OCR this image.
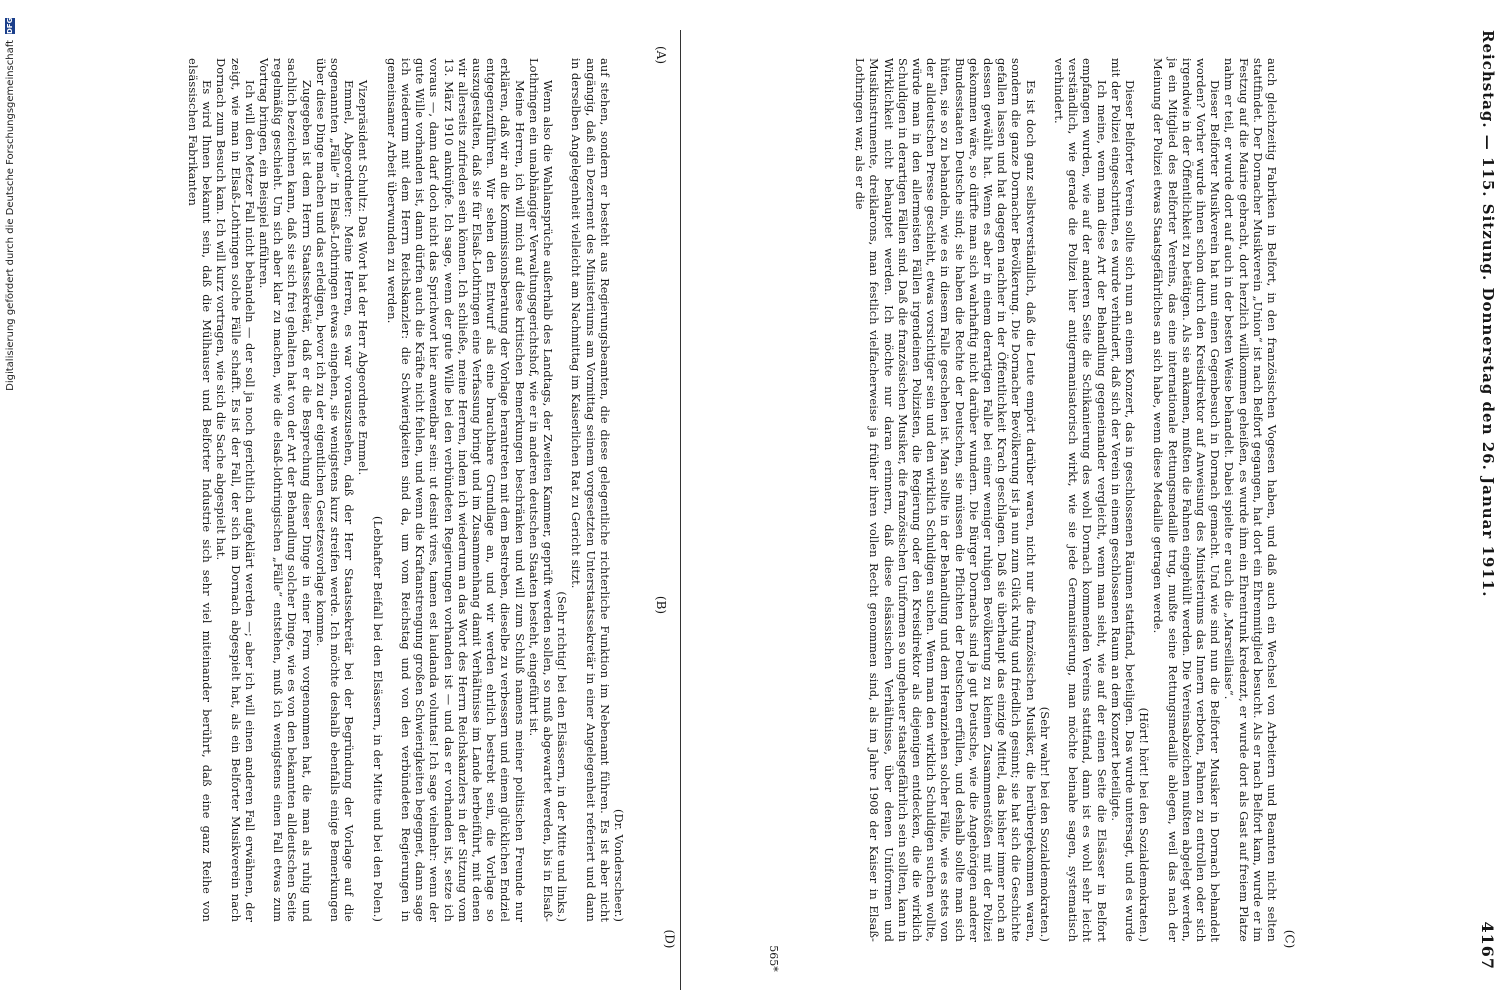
Digitalisierung gefördert durch die Deutsche Forschungsgemeinschaft
DFG
Reichstag. — 115. Sitzung. Donnerstag den 26. Januar 1911.
4167
(A)
(B)
(C)
(D)

(Dr. Vonderscheer.)

auf stehen, sondern er besteht aus Regierungsbeamten, die diese gelegentliche richterliche Funktion im Nebenamt führen. Es ist aber nicht angängig, daß ein Dezernent des Ministeriums am Vormittag seinem vorgesetzten Unterstaatssekretär in einer Angelegenheit referiert und dann in derselben Angelegenheit vielleicht am Nachmittag im Kaiserlichen Rat zu Gericht sitzt.

(Sehr richtig! bei den Elsässern, in der Mitte und links.)

Wenn also die Wahlansprüche außerhalb des Landtags, der Zweiten Kammer, geprüft werden sollen, so muß abgewartet werden, bis in Elsaß-Lothringen ein unabhängiger Verwaltungsgerichtshof, wie er in anderen deutschen Staaten besteht, eingeführt ist.

Meine Herren, ich will mich auf diese kritischen Bemerkungen beschränken und will zum Schluß namens meiner politischen Freunde nur erklären, daß wir an die Kommissionsberatung der Vorlage herantreten mit dem Bestreben, dieselbe zu verbessern und einem glücklichen Endziel entgegenzuführen. Wir sehen den Entwurf als eine brauchbare Grundlage an, und wir werden ehrlich bestrebt sein, die Vorlage so auszugestalten, daß sie für Elsaß-Lothringen eine Verfassung bringt und im Zusammenhang damit Verhältnisse im Lande herbeiführt, mit denen wir allerseits zufrieden sein können. Ich schließe, meine Herren, indem ich wiederum an das Wort des Herrn Reichskanzlers in der Sitzung vom 13. März 1910 anknüpfe. Ich sage, wenn der gute Wille bei den verbündeten Regierungen vorhanden ist — und das er vorhanden ist, setze ich voraus —, dann darf doch nicht das Sprichwort hier anwendbar sein: ut desint vires, tamen est laudanda voluntas! Ich sage vielmehr: wenn der gute Wille vorhanden ist, dann dürfen auch die Kräfte nicht fehlen, und wenn die Kraftanstrengung großen Schwierigkeiten begegnet, dann sage ich wiederum mit dem Herrn Reichskanzler: die Schwierigkeiten sind da, um vom Reichstag und von den verbündeten Regierungen in gemeinsamer Arbeit überwunden zu werden.

(Lebhafter Beifall bei den Elsässern, in der Mitte und bei den Polen.)

Vizepräsident Schultz: Das Wort hat der Herr Abgeordnete Emmel.

Emmel, Abgeordneter: Meine Herren, es war vorauszusehen, daß der Herr Staatssekretär bei der Begründung der Vorlage auf die sogenannten „Fälle“ in Elsaß-Lothringen etwas eingehen, sie wenigstens kurz streifen werde. Ich möchte deshalb ebenfalls einige Bemerkungen über diese Dinge machen und das erledigen, bevor ich zu der eigentlichen Gesetzesvorlage komme.

Zugegeben ist dem Herrn Staatssekretär, daß er die Besprechung dieser Dinge in einer Form vorgenommen hat, die man als ruhig und sachlich bezeichnen kann, daß sie sich frei gehalten hat von der Art der Behandlung solcher Dinge, wie es von den bekannten alldeutschen Seite regelmäßig geschieht. Um sich aber klar zu machen, wie die elsaß-lothringischen „Fälle“ entstehen, muß ich wenigstens einen Fall etwas zum Vortrag bringen, ein Beispiel anführen.

Ich will den Metzer Fall nicht behandeln — der soll ja noch gerichtlich aufgeklärt werden —; aber ich will einen anderen Fall erwähnen, der zeigt, wie man in Elsaß-Lothringen solche Fälle schafft. Es ist der Fall, der sich im Dornach abgespielt hat, als ein Belforter Musikverein nach Dornach zum Besuch kam. Ich will kurz vortragen, wie sich die Sache abgespielt hat.

Es wird Ihnen bekannt sein, daß die Mülhauser und Belforter Industrie sich sehr viel miteinander berührt, daß eine ganz Reihe von elsässischen Fabrikanten	auch gleichzeitig Fabriken in Belfort, in den französischen Vogesen haben, und daß auch ein Wechsel von Arbeitern und Beamten nicht selten stattfindet. Der Dornacher Musikverein „Union“ ist nach Belfort gegangen, hat dort ein Ehrenmitglied besucht. Als er nach Belfort kam, wurde er im Festzug auf die Mairie gebracht, dort herzlich willkommen geheißen, es wurde ihm ein Ehrentrunk kredenzt, er wurde dort als Gast auf freiem Platze nahm er teil, er wurde dort auf auch in der besten Weise behandelt. Dabei spielte er auch die „Marseillaise“.

Dieser Belforter Musikverein hat nun einen Gegenbesuch in Dornach gemacht. Und wie sind nun die Belforter Musiker in Dornach behandelt worden? Vorher wurde ihnen schon durch den Kreisdirektor auf Anweisung des Ministeriums das Innern verboten, Fahnen zu entrollen oder sich irgendwie in der Öffentlichkeit zu betätigen. Als sie ankamen, mußten die Fahnen eingehüllt werden. Die Vereinsabzeichen mußten abgelegt werden, ja ein Mitglied des Belforter Vereins, das eine internationale Rettungsmedaille trug, mußte seine Rettungsmedaille ablegen, weil das nach der Meinung der Polizei etwas Staatsgefährliches an sich habe, wenn diese Medaille getragen werde.

(Hört! hört! bei den Sozialdemokraten.)

Dieser Belforter Verein sollte sich nun an einem Konzert, das in geschlossenen Räumen stattfand, beteiligen. Das wurde untersagt, und es wurde mit der Polizei eingeschritten, es wurde verhindert, daß sich der Verein in einem geschlossenen Raum an dem Konzert beteiligte.

Ich meine, wenn man diese Art der Behandlung gegeneinander vergleicht, wenn man sieht, wie auf der einen Seite die Elsässer in Belfort empfangen wurden, wie auf der anderen Seite die Schikanierung des wohl Dornach kommenden Vereins stattfand, dann ist es wohl sehr leicht verständlich, wie gerade die Polizei hier antigermanisatorisch wirkt, wie sie jede Germanisierung, man möchte beinahe sagen, systematisch verhindert.

(Sehr wahr! bei den Sozialdemokraten.)

Es ist doch ganz selbstverständlich, daß die Leute empört darüber waren, nicht nur die französischen Musiker, die herübergekommen waren, sondern die ganze Dornacher Bevölkerung. Die Dornacher Bevölkerung ist ja nun zum Glück ruhig und friedlich gesinnt; sie hat sich die Geschichte gefallen lassen und hat dagegen nachher in der Öffentlichkeit Krach geschlagen. Daß sie überhaupt das einzige Mittel, das bisher immer noch an dessen gewählt hat. Wenn es aber in einem derartigen Falle bei einer weniger ruhigen Bevölkerung zu kleinen Zusammenstößen mit der Polizei gekommen wäre, so dürfte man sich wahrhaftig nicht darüber wundern. Die Bürger Dornachs sind ja gut Deutsche, wie die Angehörigen anderer Bundesstaaten Deutsche sind; sie haben die Rechte der Deutschen, sie müssen die Pflichten der Deutschen erfüllen, und deshalb sollte man sich hüten, sie so zu behandeln, wie es in diesem Falle geschehen ist. Man sollte in der Behandlung und dem Heranziehen solcher Fälle, wie es stets von der alldeutschen Presse geschieht, etwas vorsichtiger sein und den wirklich Schuldigen suchen. Wenn man den wirklich Schuldigen suchen wollte, würde man in den allermeisten Fällen irgendeinen Polizisten, die Regierung oder den Kreisdirektor als diejenigen entdecken, die die wirklich Schuldigen in derartigen Fällen sind. Daß die französischen Musiker, die französischen Uniformen so ungeheuer staatsgefährlich sein sollten, kann in Wirklichkeit nicht behauptet werden. Ich möchte nur daran erinnern, daß diese elsässischen Verhältnisse, über denen Uniformen und Musikinstrumente, dreiklarons, man festlich vielfacherweise ja früher ihren vollen Recht genommen sind, als im Jahre 1908 der Kaiser in Elsaß-Lothringen war, als er die

565*
